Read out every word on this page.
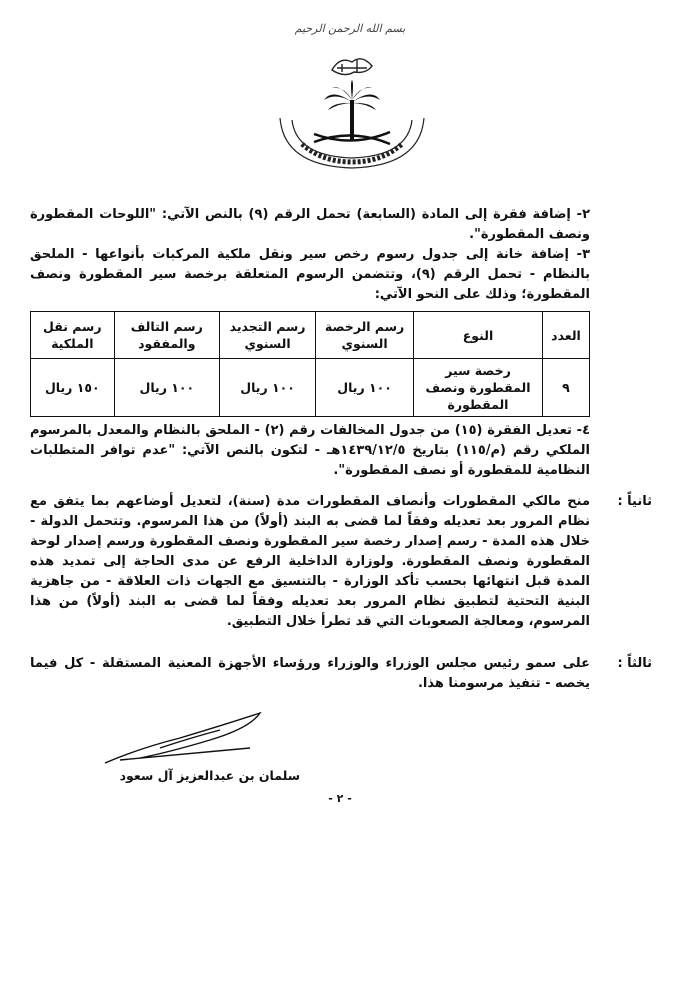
بسم الله الرحمن الرحيم

٢- إضافة فقرة إلى المادة (السابعة) تحمل الرقم (٩) بالنص الآتي: "اللوحات المقطورة ونصف المقطورة".

٣- إضافة خانة إلى جدول رسوم رخص سير ونقل ملكية المركبات بأنواعها - الملحق بالنظام - تحمل الرقم (٩)، وتتضمن الرسوم المتعلقة برخصة سير المقطورة ونصف المقطورة؛ وذلك على النحو الآتي:

العدد	النوع	رسم الرخصة السنوي	رسم التجديد السنوي	رسم التالف والمفقود	رسم نقل الملكية
٩	رخصة سير المقطورة ونصف المقطورة	١٠٠ ريال	١٠٠ ريال	١٠٠ ريال	١٥٠ ريال

٤- تعديل الفقرة (١٥) من جدول المخالفات رقم (٢) - الملحق بالنظام والمعدل بالمرسوم الملكي رقم (م/١١٥) بتاريخ ١٤٣٩/١٢/٥هـ - لتكون بالنص الآتي: "عدم توافر المتطلبات النظامية للمقطورة أو نصف المقطورة".

ثانياً :
منح مالكي المقطورات وأنصاف المقطورات مدة (سنة)، لتعديل أوضاعهم بما يتفق مع نظام المرور بعد تعديله وفقاً لما قضى به البند (أولاً) من هذا المرسوم. وتتحمل الدولة - خلال هذه المدة - رسم إصدار رخصة سير المقطورة ونصف المقطورة ورسم إصدار لوحة المقطورة ونصف المقطورة. ولوزارة الداخلية الرفع عن مدى الحاجة إلى تمديد هذه المدة قبل انتهائها بحسب تأكد الوزارة - بالتنسيق مع الجهات ذات العلاقة - من جاهزية البنية التحتية لتطبيق نظام المرور بعد تعديله وفقاً لما قضى به البند (أولاً) من هذا المرسوم، ومعالجة الصعوبات التي قد تطرأ خلال التطبيق.
ثالثاً :
على سمو رئيس مجلس الوزراء والوزراء ورؤساء الأجهزة المعنية المستقلة - كل فيما يخصه - تنفيذ مرسومنا هذا.
سلمان بن عبدالعزيز آل سعود
- ٢ -
